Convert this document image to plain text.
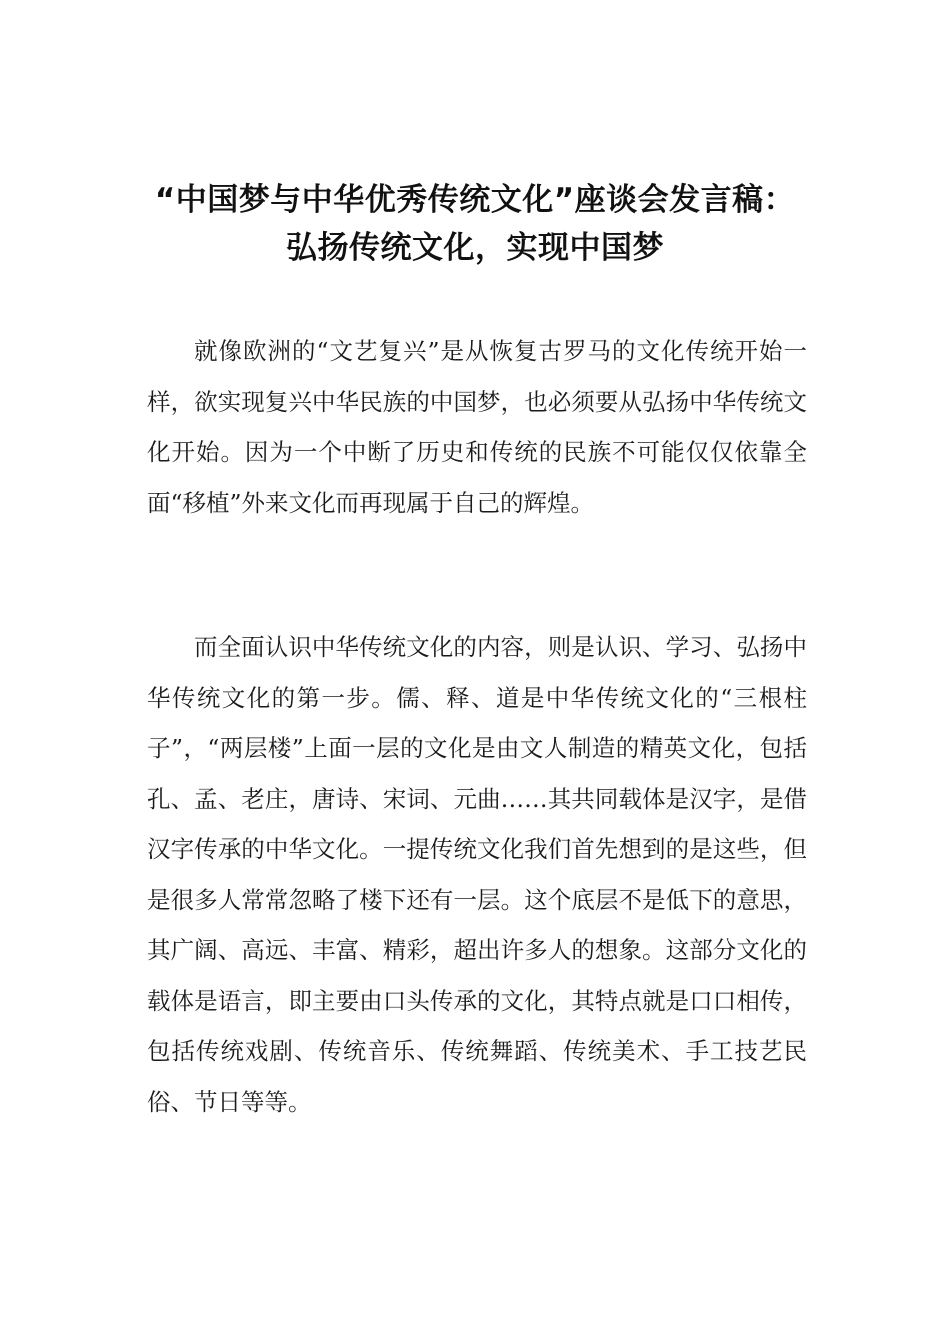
“中国梦与中华优秀传统文化”座谈会发言稿：弘扬传统文化，实现中国梦

就像欧洲的“文艺复兴”是从恢复古罗马的文化传统开始一样，欲实现复兴中华民族的中国梦，也必须要从弘扬中华传统文化开始。因为一个中断了历史和传统的民族不可能仅仅依靠全面“移植”外来文化而再现属于自己的辉煌。

而全面认识中华传统文化的内容，则是认识、学习、弘扬中华传统文化的第一步。儒、释、道是中华传统文化的“三根柱子”，“两层楼”上面一层的文化是由文人制造的精英文化，包括孔、孟、老庄，唐诗、宋词、元曲……其共同载体是汉字，是借汉字传承的中华文化。一提传统文化我们首先想到的是这些，但是很多人常常忽略了楼下还有一层。这个底层不是低下的意思，其广阔、高远、丰富、精彩，超出许多人的想象。这部分文化的载体是语言，即主要由口头传承的文化，其特点就是口口相传，包括传统戏剧、传统音乐、传统舞蹈、传统美术、手工技艺民俗、节日等等。
